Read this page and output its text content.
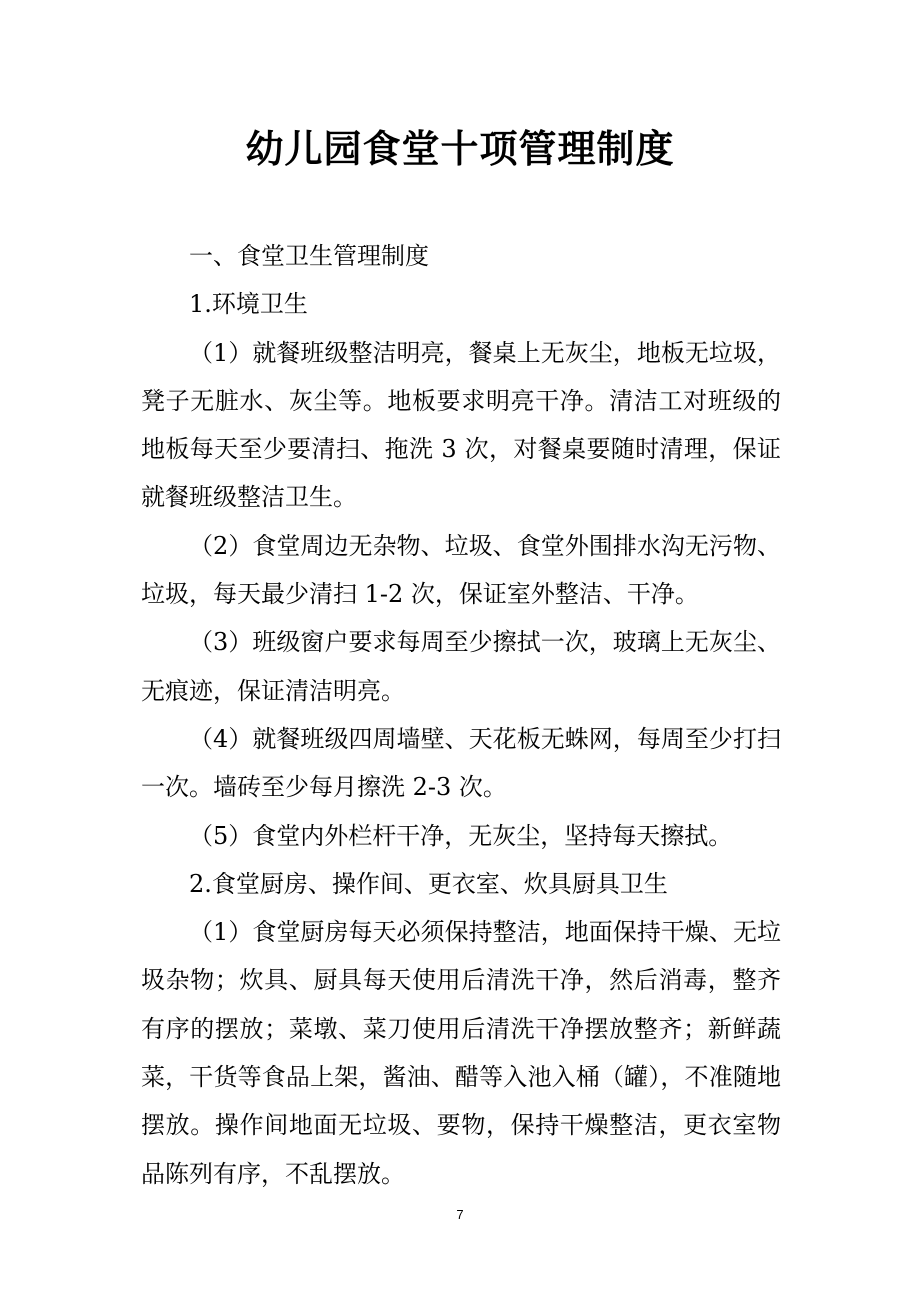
幼儿园食堂十项管理制度

一、食堂卫生管理制度

1.环境卫生

（1）就餐班级整洁明亮，餐桌上无灰尘，地板无垃圾，凳子无脏水、灰尘等。地板要求明亮干净。清洁工对班级的地板每天至少要清扫、拖洗 3 次，对餐桌要随时清理，保证就餐班级整洁卫生。

（2）食堂周边无杂物、垃圾、食堂外围排水沟无污物、垃圾，每天最少清扫 1-2 次，保证室外整洁、干净。

（3）班级窗户要求每周至少擦拭一次，玻璃上无灰尘、无痕迹，保证清洁明亮。

（4）就餐班级四周墙壁、天花板无蛛网，每周至少打扫一次。墙砖至少每月擦洗 2-3 次。

（5）食堂内外栏杆干净，无灰尘，坚持每天擦拭。

2.食堂厨房、操作间、更衣室、炊具厨具卫生

（1）食堂厨房每天必须保持整洁，地面保持干燥、无垃圾杂物；炊具、厨具每天使用后清洗干净，然后消毒，整齐有序的摆放；菜墩、菜刀使用后清洗干净摆放整齐；新鲜蔬菜，干货等食品上架，酱油、醋等入池入桶（罐），不准随地摆放。操作间地面无垃圾、要物，保持干燥整洁，更衣室物品陈列有序，不乱摆放。

7
